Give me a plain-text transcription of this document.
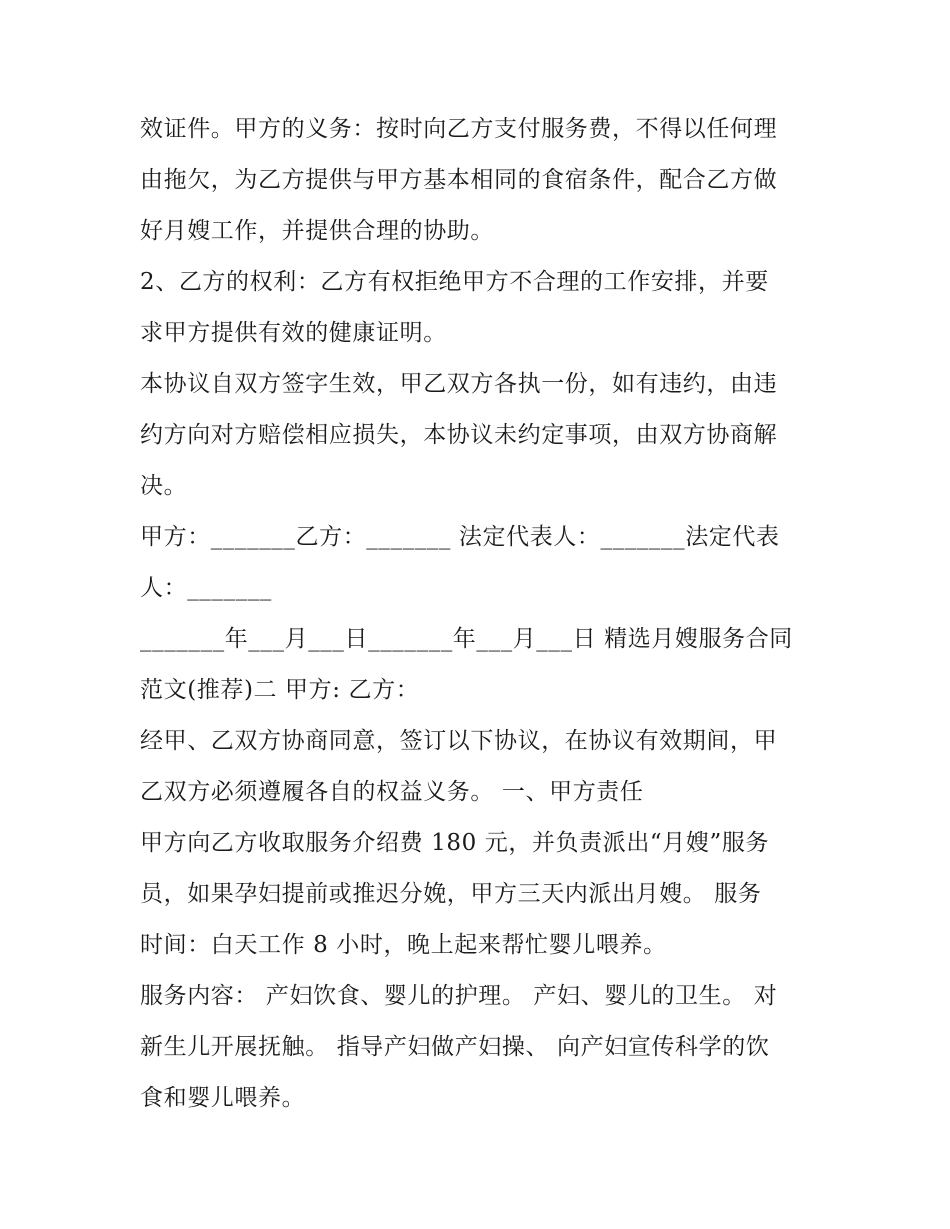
效证件。甲方的义务：按时向乙方支付服务费，不得以任何理
由拖欠，为乙方提供与甲方基本相同的食宿条件，配合乙方做
好月嫂工作，并提供合理的协助。
2、乙方的权利：乙方有权拒绝甲方不合理的工作安排，并要
求甲方提供有效的健康证明。
本协议自双方签字生效，甲乙双方各执一份，如有违约，由违
约方向对方赔偿相应损失，本协议未约定事项，由双方协商解
决。
甲方：_______乙方：_______ 法定代表人：_______法定代表
人：_______
_______年___月___日_______年___月___日 精选月嫂服务合同
范文(推荐)二 甲方: 乙方：
经甲、乙双方协商同意，签订以下协议，在协议有效期间，甲
乙双方必须遵履各自的权益义务。 一、甲方责任
甲方向乙方收取服务介绍费 180 元，并负责派出“月嫂”服务
员，如果孕妇提前或推迟分娩，甲方三天内派出月嫂。 服务
时间：白天工作 8 小时，晚上起来帮忙婴儿喂养。
服务内容： 产妇饮食、婴儿的护理。 产妇、婴儿的卫生。 对
新生儿开展抚触。 指导产妇做产妇操、 向产妇宣传科学的饮
食和婴儿喂养。
